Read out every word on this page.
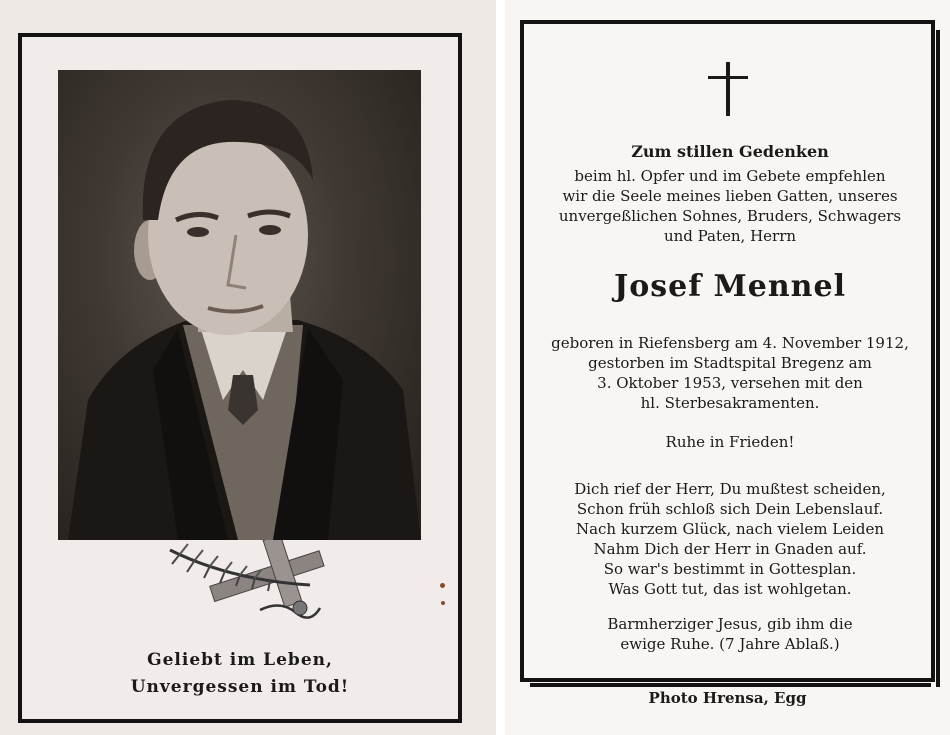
Geliebt im Leben,
Unvergessen im Tod!
Zum stillen Gedenken
beim hl. Opfer und im Gebete empfehlen
wir die Seele meines lieben Gatten, unseres
unvergeßlichen Sohnes, Bruders, Schwagers
und Paten, Herrn
Josef Mennel
geboren in Riefensberg am 4. November 1912,
gestorben im Stadtspital Bregenz am
3. Oktober 1953, versehen mit den
hl. Sterbesakramenten.
Ruhe in Frieden!
Dich rief der Herr, Du mußtest scheiden,
Schon früh schloß sich Dein Lebenslauf.
Nach kurzem Glück, nach vielem Leiden
Nahm Dich der Herr in Gnaden auf.
So war's bestimmt in Gottesplan.
Was Gott tut, das ist wohlgetan.
Barmherziger Jesus, gib ihm die
ewige Ruhe. (7 Jahre Ablaß.)
Photo Hrensa, Egg
